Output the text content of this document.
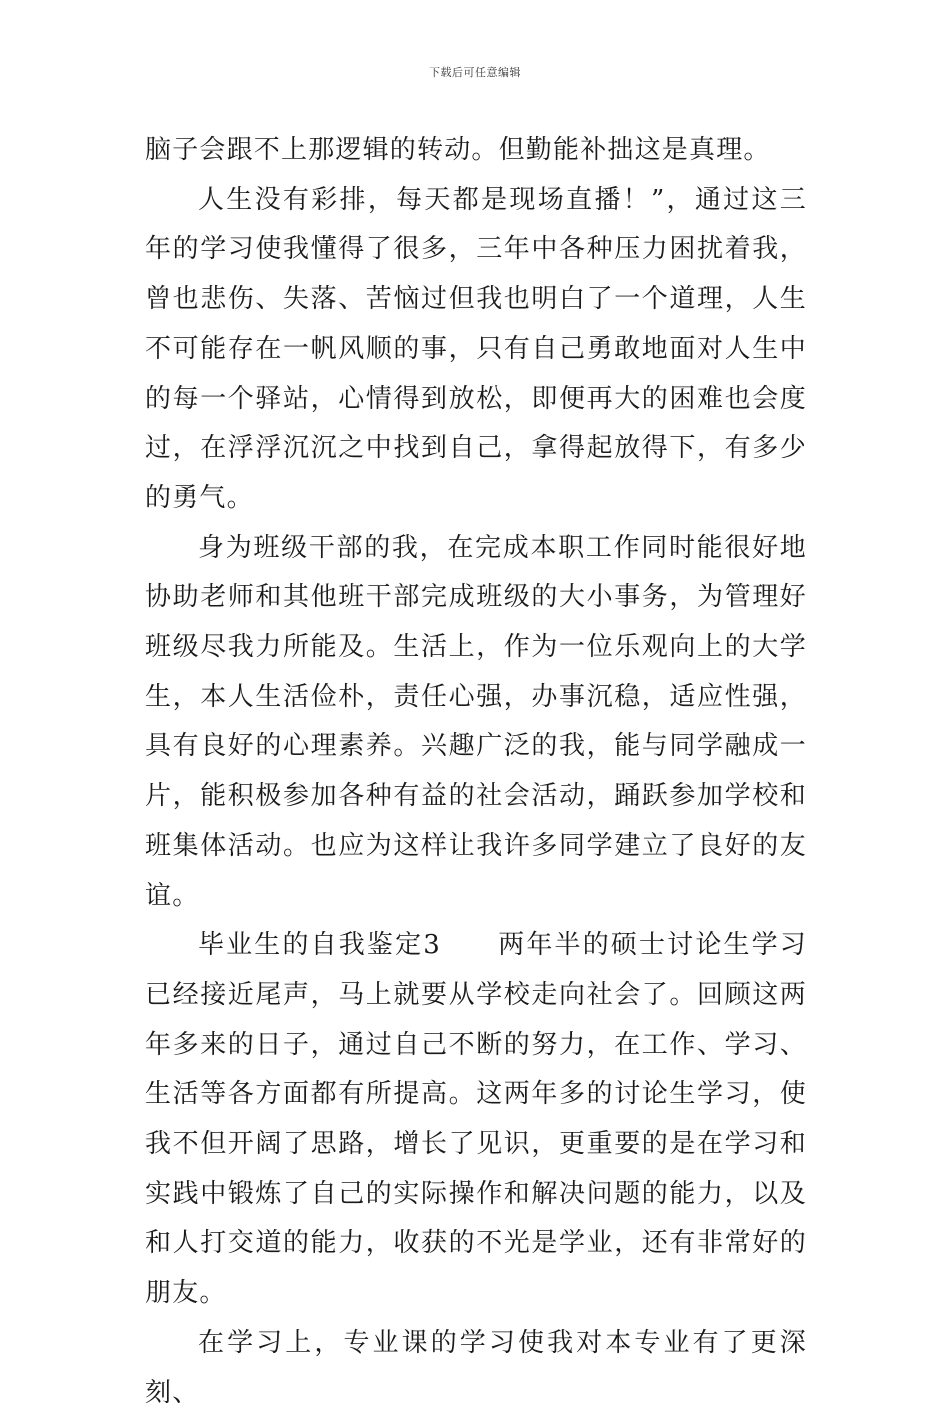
下载后可任意编辑

脑子会跟不上那逻辑的转动。但勤能补拙这是真理。

人生没有彩排，每天都是现场直播！”，通过这三年的学习使我懂得了很多，三年中各种压力困扰着我，曾也悲伤、失落、苦恼过但我也明白了一个道理，人生不可能存在一帆风顺的事，只有自己勇敢地面对人生中的每一个驿站，心情得到放松，即便再大的困难也会度过，在浮浮沉沉之中找到自己，拿得起放得下，有多少的勇气。

身为班级干部的我，在完成本职工作同时能很好地协助老师和其他班干部完成班级的大小事务，为管理好班级尽我力所能及。生活上，作为一位乐观向上的大学生，本人生活俭朴，责任心强，办事沉稳，适应性强，具有良好的心理素养。兴趣广泛的我，能与同学融成一片，能积极参加各种有益的社会活动，踊跃参加学校和班集体活动。也应为这样让我许多同学建立了良好的友谊。

毕业生的自我鉴定3　　两年半的硕士讨论生学习已经接近尾声，马上就要从学校走向社会了。回顾这两年多来的日子，通过自己不断的努力，在工作、学习、生活等各方面都有所提高。这两年多的讨论生学习，使我不但开阔了思路，增长了见识，更重要的是在学习和实践中锻炼了自己的实际操作和解决问题的能力，以及和人打交道的能力，收获的不光是学业，还有非常好的朋友。

在学习上，专业课的学习使我对本专业有了更深刻、
